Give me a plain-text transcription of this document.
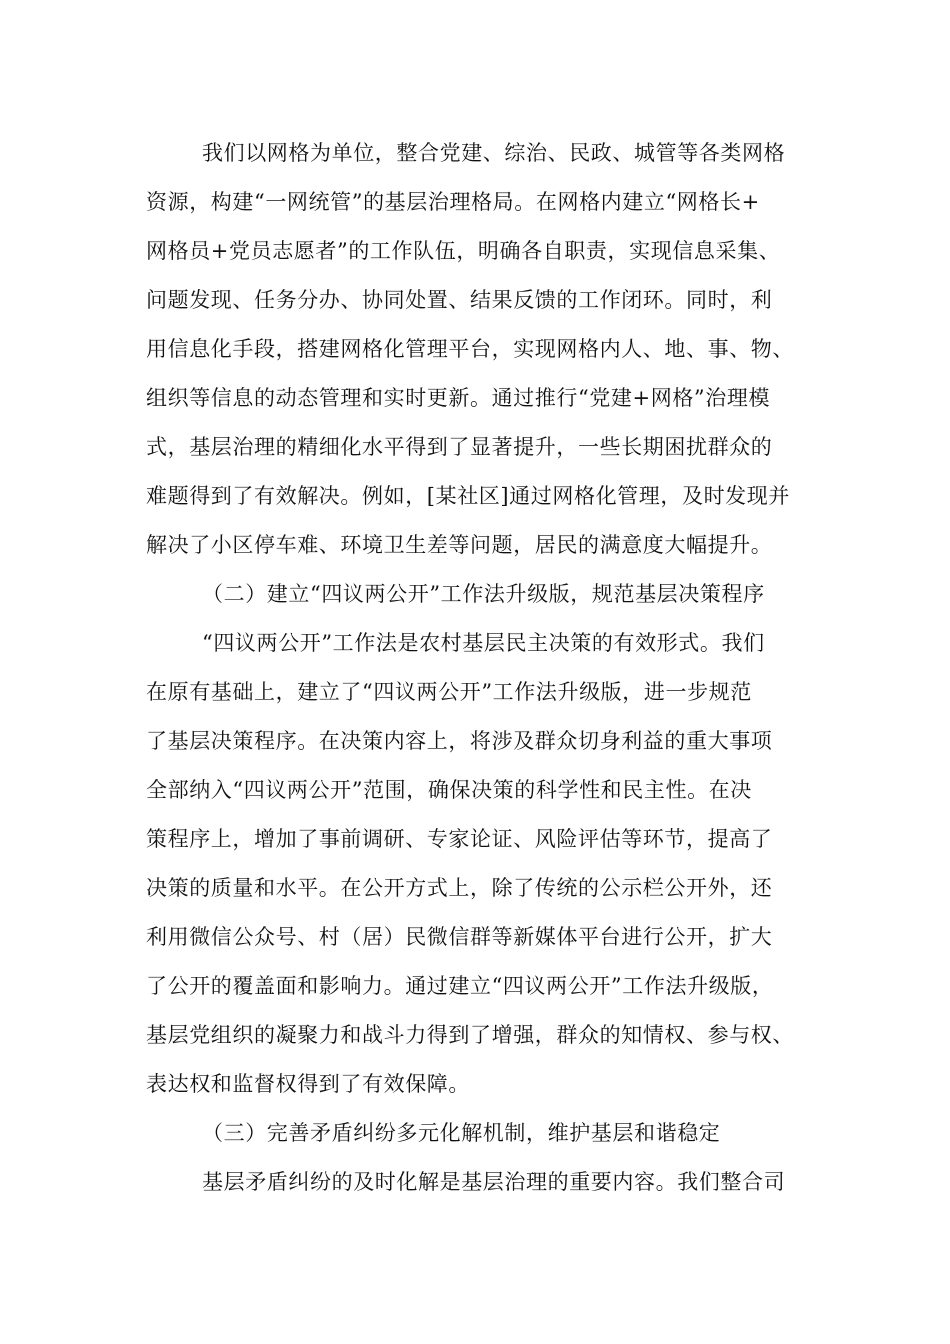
我们以网格为单位，整合党建、综治、民政、城管等各类网格
资源，构建“一网统管”的基层治理格局。在网格内建立“网格长+
网格员+党员志愿者”的工作队伍，明确各自职责，实现信息采集、
问题发现、任务分办、协同处置、结果反馈的工作闭环。同时，利
用信息化手段，搭建网格化管理平台，实现网格内人、地、事、物、
组织等信息的动态管理和实时更新。通过推行“党建+网格”治理模
式，基层治理的精细化水平得到了显著提升，一些长期困扰群众的
难题得到了有效解决。例如，[某社区]通过网格化管理，及时发现并
解决了小区停车难、环境卫生差等问题，居民的满意度大幅提升。
（二）建立“四议两公开”工作法升级版，规范基层决策程序
“四议两公开”工作法是农村基层民主决策的有效形式。我们
在原有基础上，建立了“四议两公开”工作法升级版，进一步规范
了基层决策程序。在决策内容上，将涉及群众切身利益的重大事项
全部纳入“四议两公开”范围，确保决策的科学性和民主性。在决
策程序上，增加了事前调研、专家论证、风险评估等环节，提高了
决策的质量和水平。在公开方式上，除了传统的公示栏公开外，还
利用微信公众号、村（居）民微信群等新媒体平台进行公开，扩大
了公开的覆盖面和影响力。通过建立“四议两公开”工作法升级版，
基层党组织的凝聚力和战斗力得到了增强，群众的知情权、参与权、
表达权和监督权得到了有效保障。
（三）完善矛盾纠纷多元化解机制，维护基层和谐稳定
基层矛盾纠纷的及时化解是基层治理的重要内容。我们整合司
